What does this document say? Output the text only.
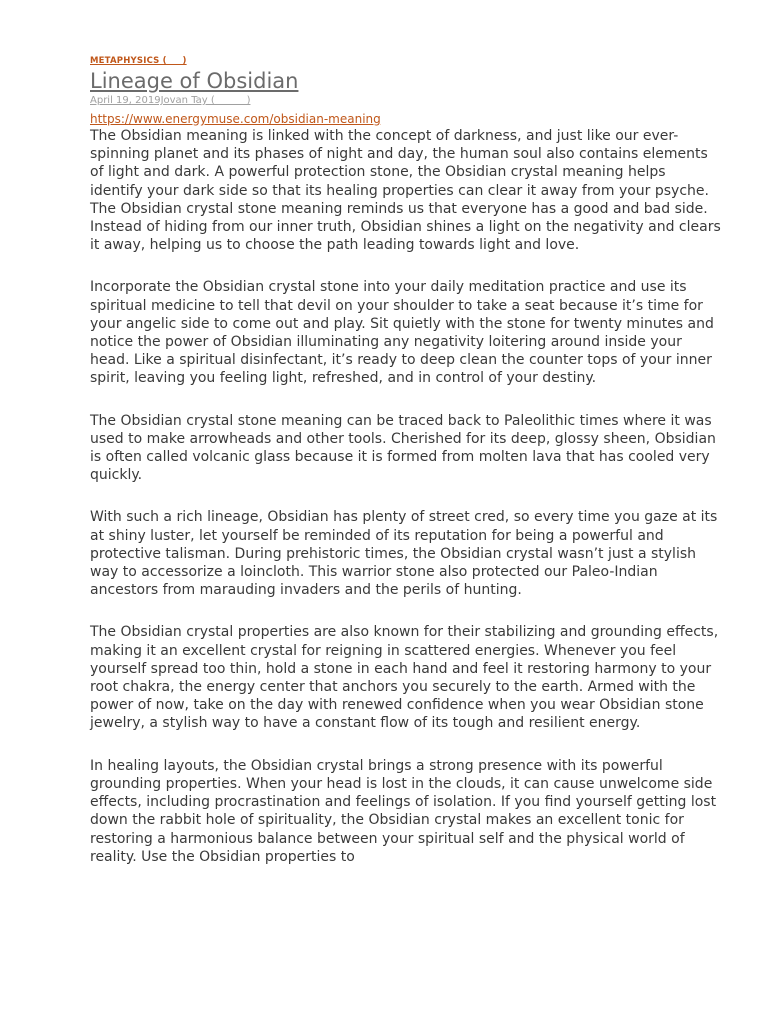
METAPHYSICS (     )
Lineage of Obsidian
April 19, 2019Jovan Tay (          )
https://www.energymuse.com/obsidian-meaning

The Obsidian meaning is linked with the concept of darkness, and just like our ever-spinning planet and its phases of night and day, the human soul also contains elements of light and dark. A powerful protection stone, the Obsidian crystal meaning helps identify your dark side so that its healing properties can clear it away from your psyche. The Obsidian crystal stone meaning reminds us that everyone has a good and bad side. Instead of hiding from our inner truth, Obsidian shines a light on the negativity and clears it away, helping us to choose the path leading towards light and love.

Incorporate the Obsidian crystal stone into your daily meditation practice and use its spiritual medicine to tell that devil on your shoulder to take a seat because it’s time for your angelic side to come out and play. Sit quietly with the stone for twenty minutes and notice the power of Obsidian illuminating any negativity loitering around inside your head. Like a spiritual disinfectant, it’s ready to deep clean the counter tops of your inner spirit, leaving you feeling light, refreshed, and in control of your destiny.

The Obsidian crystal stone meaning can be traced back to Paleolithic times where it was used to make arrowheads and other tools. Cherished for its deep, glossy sheen, Obsidian is often called volcanic glass because it is formed from molten lava that has cooled very quickly.

With such a rich lineage, Obsidian has plenty of street cred, so every time you gaze at its at shiny luster, let yourself be reminded of its reputation for being a powerful and protective talisman. During prehistoric times, the Obsidian crystal wasn’t just a stylish way to accessorize a loincloth. This warrior stone also protected our Paleo-Indian ancestors from marauding invaders and the perils of hunting.

The Obsidian crystal properties are also known for their stabilizing and grounding effects, making it an excellent crystal for reigning in scattered energies. Whenever you feel yourself spread too thin, hold a stone in each hand and feel it restoring harmony to your root chakra, the energy center that anchors you securely to the earth. Armed with the power of now, take on the day with renewed confidence when you wear Obsidian stone jewelry, a stylish way to have a constant flow of its tough and resilient energy.

In healing layouts, the Obsidian crystal brings a strong presence with its powerful grounding properties. When your head is lost in the clouds, it can cause unwelcome side effects, including procrastination and feelings of isolation. If you find yourself getting lost down the rabbit hole of spirituality, the Obsidian crystal makes an excellent tonic for restoring a harmonious balance between your spiritual self and the physical world of reality. Use the Obsidian properties to
